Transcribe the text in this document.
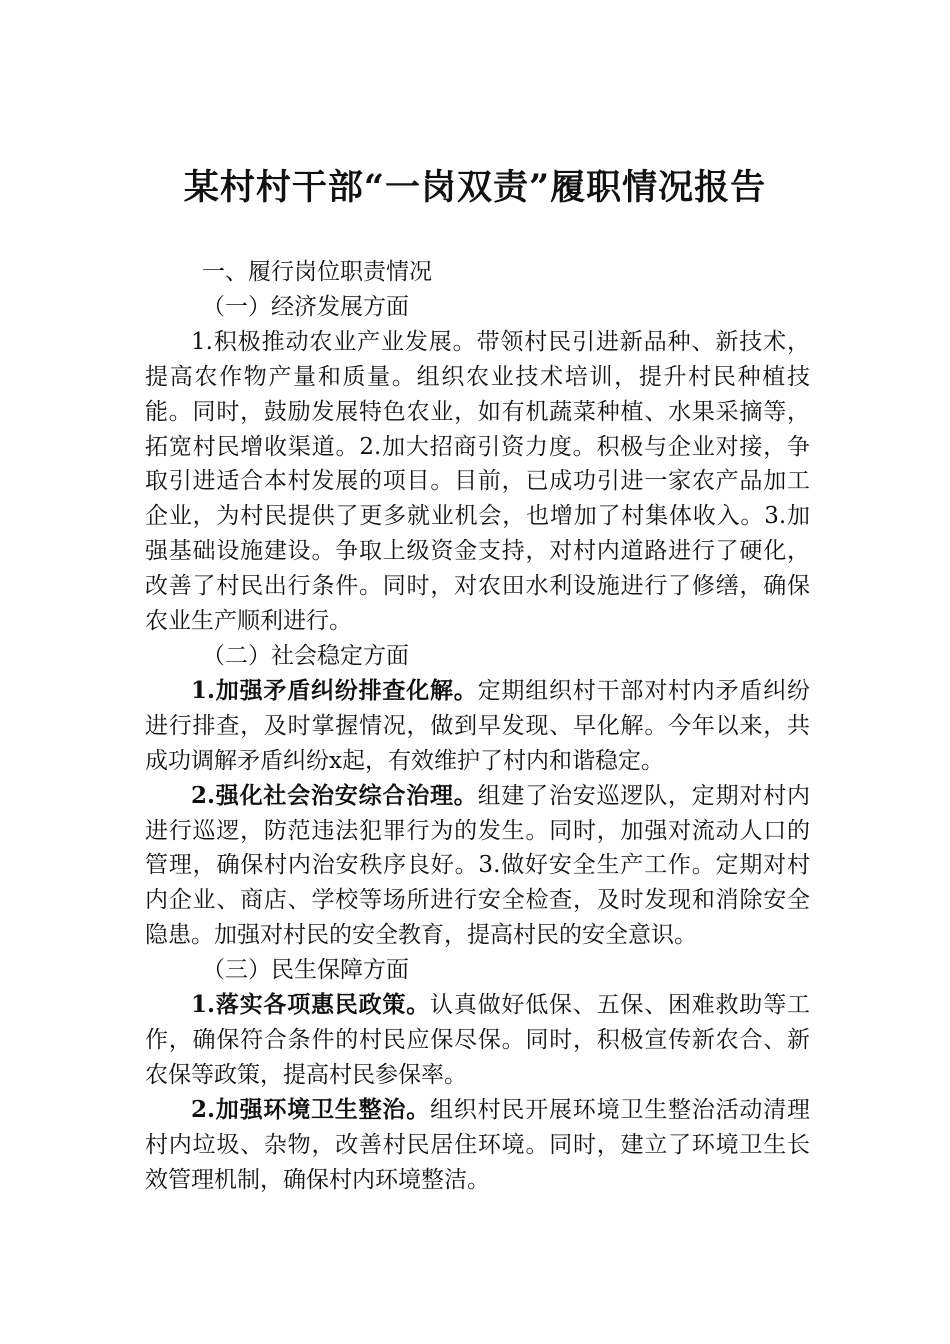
某村村干部“一岗双责”履职情况报告

一、履行岗位职责情况

（一）经济发展方面

1.积极推动农业产业发展。带领村民引进新品种、新技术，提高农作物产量和质量。组织农业技术培训，提升村民种植技能。同时，鼓励发展特色农业，如有机蔬菜种植、水果采摘等，拓宽村民增收渠道。2.加大招商引资力度。积极与企业对接，争取引进适合本村发展的项目。目前，已成功引进一家农产品加工企业，为村民提供了更多就业机会，也增加了村集体收入。3.加强基础设施建设。争取上级资金支持，对村内道路进行了硬化，改善了村民出行条件。同时，对农田水利设施进行了修缮，确保农业生产顺利进行。

（二）社会稳定方面

1.加强矛盾纠纷排查化解。定期组织村干部对村内矛盾纠纷进行排查，及时掌握情况，做到早发现、早化解。今年以来，共成功调解矛盾纠纷x起，有效维护了村内和谐稳定。

2.强化社会治安综合治理。组建了治安巡逻队，定期对村内进行巡逻，防范违法犯罪行为的发生。同时，加强对流动人口的管理，确保村内治安秩序良好。3.做好安全生产工作。定期对村内企业、商店、学校等场所进行安全检查，及时发现和消除安全隐患。加强对村民的安全教育，提高村民的安全意识。

（三）民生保障方面

1.落实各项惠民政策。认真做好低保、五保、困难救助等工作，确保符合条件的村民应保尽保。同时，积极宣传新农合、新农保等政策，提高村民参保率。

2.加强环境卫生整治。组织村民开展环境卫生整治活动清理村内垃圾、杂物，改善村民居住环境。同时，建立了环境卫生长效管理机制，确保村内环境整洁。
